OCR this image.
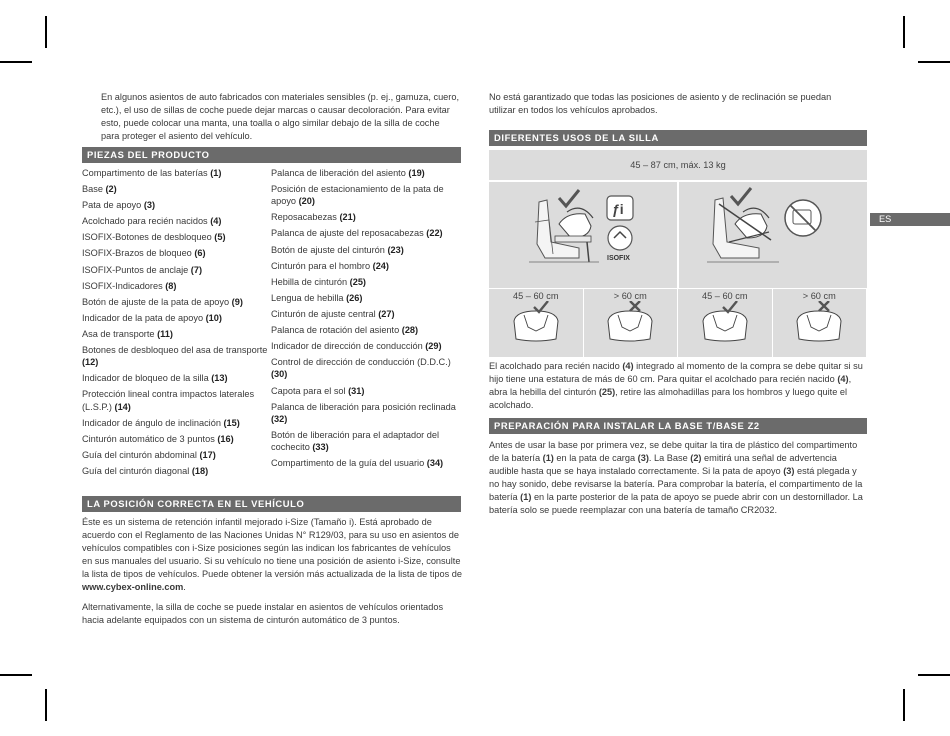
En algunos asientos de auto fabricados con materiales sensibles (p. ej., gamuza, cuero, etc.), el uso de sillas de coche puede dejar marcas o causar decoloración. Para evitar esto, puede colocar una manta, una toalla o algo similar debajo de la silla de coche para proteger el asiento del vehículo.
PIEZAS DEL PRODUCTO
Compartimento de las baterías (1)
Base (2)
Pata de apoyo (3)
Acolchado para recién nacidos (4)
ISOFIX-Botones de desbloqueo (5)
ISOFIX-Brazos de bloqueo (6)
ISOFIX-Puntos de anclaje (7)
ISOFIX-Indicadores (8)
Botón de ajuste de la pata de apoyo (9)
Indicador de la pata de apoyo (10)
Asa de transporte (11)
Botones de desbloqueo del asa de transporte (12)
Indicador de bloqueo de la silla (13)
Protección lineal contra impactos laterales (L.S.P.) (14)
Indicador de ángulo de inclinación (15)
Cinturón automático de 3 puntos (16)
Guía del cinturón abdominal (17)
Guía del cinturón diagonal (18)
Palanca de liberación del asiento (19)
Posición de estacionamiento de la pata de apoyo (20)
Reposacabezas (21)
Palanca de ajuste del reposacabezas (22)
Botón de ajuste del cinturón (23)
Cinturón para el hombro (24)
Hebilla de cinturón (25)
Lengua de hebilla (26)
Cinturón de ajuste central (27)
Palanca de rotación del asiento (28)
Indicador de dirección de conducción (29)
Control de dirección de conducción (D.D.C.) (30)
Capota para el sol (31)
Palanca de liberación para posición reclinada (32)
Botón de liberación para el adaptador del cochecito (33)
Compartimento de la guía del usuario (34)
LA POSICIÓN CORRECTA EN EL VEHÍCULO

Éste es un sistema de retención infantil mejorado i-Size (Tamaño i). Está aprobado de acuerdo con el Reglamento de las Naciones Unidas N° R129/03, para su uso en asientos de vehículos compatibles con i-Size posiciones según las indican los fabricantes de vehículos en sus manuales del usuario. Si su vehículo no tiene una posición de asiento i-Size, consulte la lista de tipos de vehículos. Puede obtener la versión más actualizada de la lista de tipos de www.cybex-online.com.

Alternativamente, la silla de coche se puede instalar en asientos de vehículos orientados hacia adelante equipados con un sistema de cinturón automático de 3 puntos.

No está garantizado que todas las posiciones de asiento y de reclinación se puedan utilizar en todos los vehículos aprobados.
DIFERENTES USOS DE LA SILLA
45 – 87 cm, máx. 13 kg
ƒi
ISOFIX
45 – 60 cm	> 60 cm	45 – 60 cm	> 60 cm
El acolchado para recién nacido (4) integrado al momento de la compra se debe quitar si su hijo tiene una estatura de más de 60 cm. Para quitar el acolchado para recién nacido (4), abra la hebilla del cinturón (25), retire las almohadillas para los hombros y luego quite el acolchado.
PREPARACIÓN PARA INSTALAR LA BASE T/BASE Z2
Antes de usar la base por primera vez, se debe quitar la tira de plástico del compartimento de la batería (1) en la pata de carga (3). La Base (2) emitirá una señal de advertencia audible hasta que se haya instalado correctamente. Si la pata de apoyo (3) está plegada y no hay sonido, debe revisarse la batería. Para comprobar la batería, el compartimento de la batería (1) en la parte posterior de la pata de apoyo se puede abrir con un destornillador. La batería solo se puede reemplazar con una batería de tamaño CR2032.
ES
